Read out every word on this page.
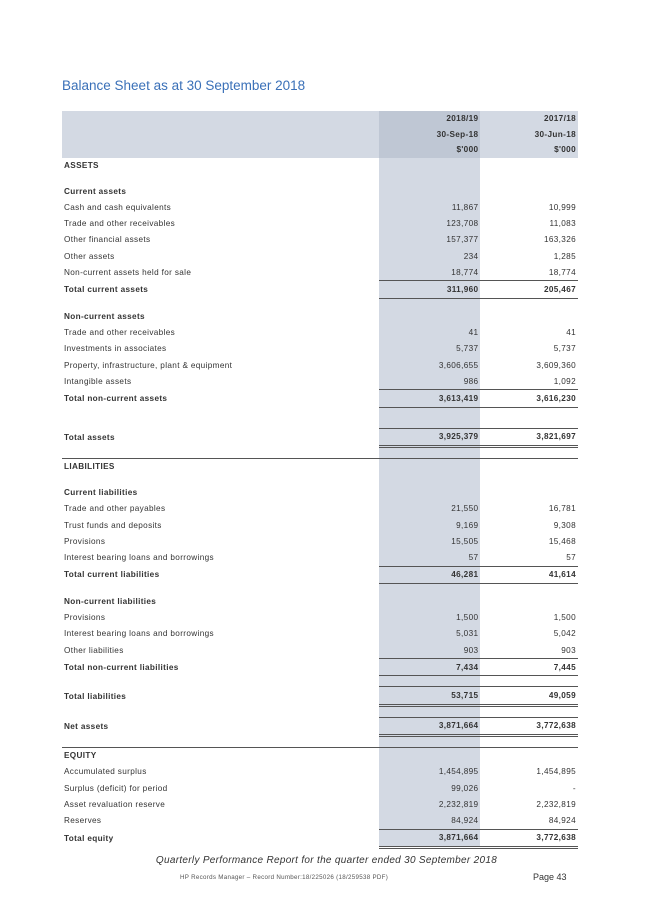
Balance Sheet as at 30 September 2018
	2018/19	2017/18
	30-Sep-18	30-Jun-18
	$'000	$'000
ASSETS		

Current assets		
Cash and cash equivalents	11,867	10,999
Trade and other receivables	123,708	11,083
Other financial assets	157,377	163,326
Other assets	234	1,285
Non-current assets held for sale	18,774	18,774
Total current assets	311,960	205,467

Non-current assets		
Trade and other receivables	41	41
Investments in associates	5,737	5,737
Property, infrastructure, plant & equipment	3,606,655	3,609,360
Intangible assets	986	1,092
Total non-current assets	3,613,419	3,616,230

Total assets	3,925,379	3,821,697

LIABILITIES		

Current liabilities		
Trade and other payables	21,550	16,781
Trust funds and deposits	9,169	9,308
Provisions	15,505	15,468
Interest bearing loans and borrowings	57	57
Total current liabilities	46,281	41,614

Non-current liabilities		
Provisions	1,500	1,500
Interest bearing loans and borrowings	5,031	5,042
Other liabilities	903	903
Total non-current liabilities	7,434	7,445

Total liabilities	53,715	49,059

Net assets	3,871,664	3,772,638

EQUITY		
Accumulated surplus	1,454,895	1,454,895
Surplus (deficit) for period	99,026	-
Asset revaluation reserve	2,232,819	2,232,819
Reserves	84,924	84,924
Total equity	3,871,664	3,772,638
Quarterly Performance Report for the quarter ended 30 September 2018
HP Records Manager – Record Number:18/225026 (18/259538 PDF)	Page 43
